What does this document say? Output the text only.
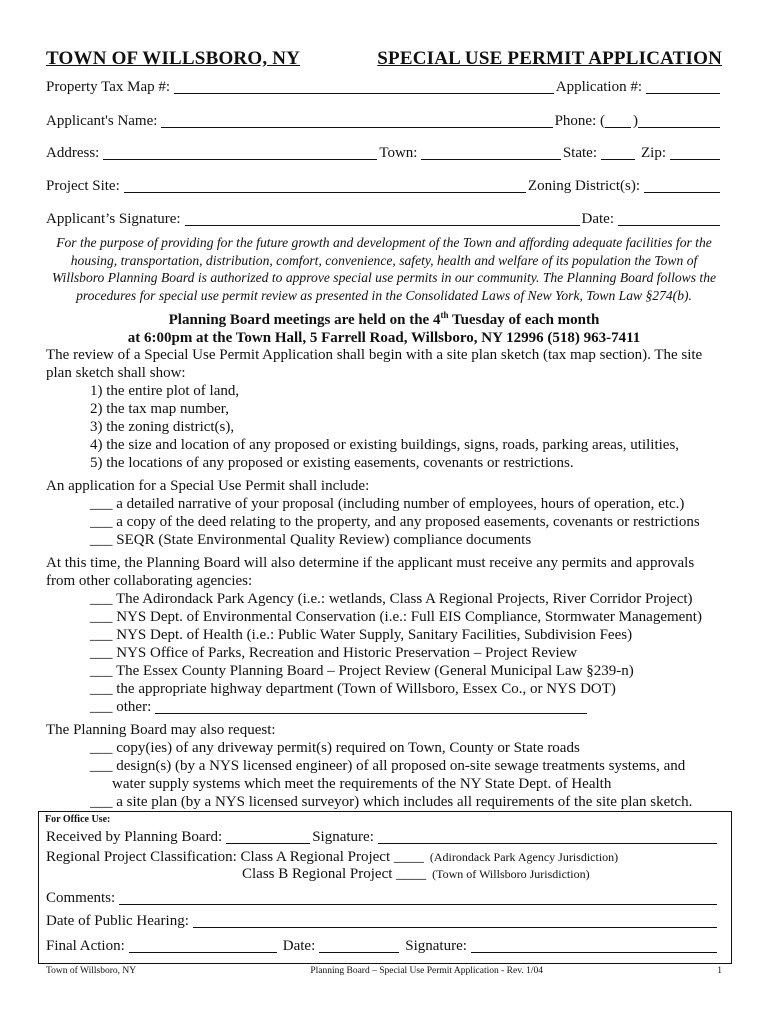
TOWN OF WILLSBORO, NY	SPECIAL USE PERMIT APPLICATION
Property Tax Map #:	Application #:
Applicant's Name:	Phone: ( )
Address:	Town:	State:	Zip:
Project Site:	Zoning District(s):
Applicant’s Signature:	Date:
For the purpose of providing for the future growth and development of the Town and affording adequate facilities for the housing, transportation, distribution, comfort, convenience, safety, health and welfare of its population the Town of Willsboro Planning Board is authorized to approve special use permits in our community. The Planning Board follows the procedures for special use permit review as presented in the Consolidated Laws of New York, Town Law §274(b).
Planning Board meetings are held on the 4th Tuesday of each month
at 6:00pm at the Town Hall, 5 Farrell Road, Willsboro, NY 12996 (518) 963-7411
The review of a Special Use Permit Application shall begin with a site plan sketch (tax map section). The site plan sketch shall show:
1) the entire plot of land,
2) the tax map number,
3) the zoning district(s),
4) the size and location of any proposed or existing buildings, signs, roads, parking areas, utilities,
5) the locations of any proposed or existing easements, covenants or restrictions.
An application for a Special Use Permit shall include:
___ a detailed narrative of your proposal (including number of employees, hours of operation, etc.)
___ a copy of the deed relating to the property, and any proposed easements, covenants or restrictions
___ SEQR (State Environmental Quality Review) compliance documents
At this time, the Planning Board will also determine if the applicant must receive any permits and approvals from other collaborating agencies:
___ The Adirondack Park Agency (i.e.: wetlands, Class A Regional Projects, River Corridor Project)
___ NYS Dept. of Environmental Conservation (i.e.: Full EIS Compliance, Stormwater Management)
___ NYS Dept. of Health (i.e.: Public Water Supply, Sanitary Facilities, Subdivision Fees)
___ NYS Office of Parks, Recreation and Historic Preservation – Project Review
___ The Essex County Planning Board – Project Review (General Municipal Law §239-n)
___ the appropriate highway department (Town of Willsboro, Essex Co., or NYS DOT)
___ other:
The Planning Board may also request:
___ copy(ies) of any driveway permit(s) required on Town, County or State roads
___ design(s) (by a NYS licensed engineer) of all proposed on-site sewage treatments systems, and
water supply systems which meet the requirements of the NY State Dept. of Health
___ a site plan (by a NYS licensed surveyor) which includes all requirements of the site plan sketch.
For Office Use:
Received by Planning Board:	Signature:
Regional Project Classification: Class A Regional Project ____ (Adirondack Park Agency Jurisdiction)
Class B Regional Project ____ (Town of Willsboro Jurisdiction)
Comments:
Date of Public Hearing:
Final Action:	Date:	Signature:
Town of Willsboro, NY	Planning Board – Special Use Permit Application - Rev. 1/04	1
